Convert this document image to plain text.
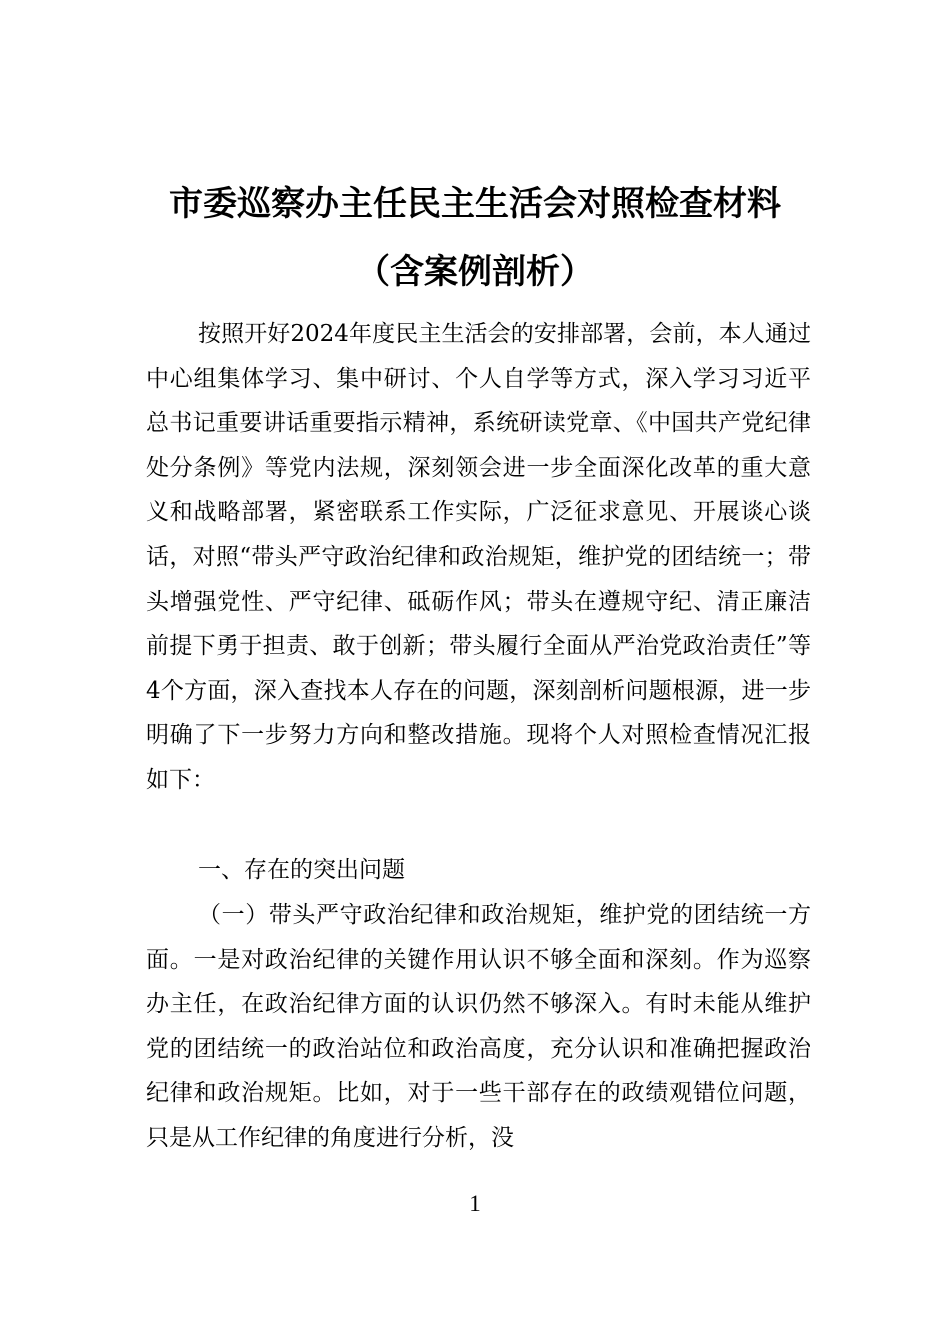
市委巡察办主任民主生活会对照检查材料
（含案例剖析）
按照开好2024年度民主生活会的安排部署，会前，本人通过中心组集体学习、集中研讨、个人自学等方式，深入学习习近平总书记重要讲话重要指示精神，系统研读党章、《中国共产党纪律处分条例》等党内法规，深刻领会进一步全面深化改革的重大意义和战略部署，紧密联系工作实际，广泛征求意见、开展谈心谈话，对照“带头严守政治纪律和政治规矩，维护党的团结统一；带头增强党性、严守纪律、砥砺作风；带头在遵规守纪、清正廉洁前提下勇于担责、敢于创新；带头履行全面从严治党政治责任”等4个方面，深入查找本人存在的问题，深刻剖析问题根源，进一步明确了下一步努力方向和整改措施。现将个人对照检查情况汇报如下：
一、存在的突出问题
（一）带头严守政治纪律和政治规矩，维护党的团结统一方面。一是对政治纪律的关键作用认识不够全面和深刻。作为巡察办主任，在政治纪律方面的认识仍然不够深入。有时未能从维护党的团结统一的政治站位和政治高度，充分认识和准确把握政治纪律和政治规矩。比如，对于一些干部存在的政绩观错位问题，只是从工作纪律的角度进行分析，没
1
